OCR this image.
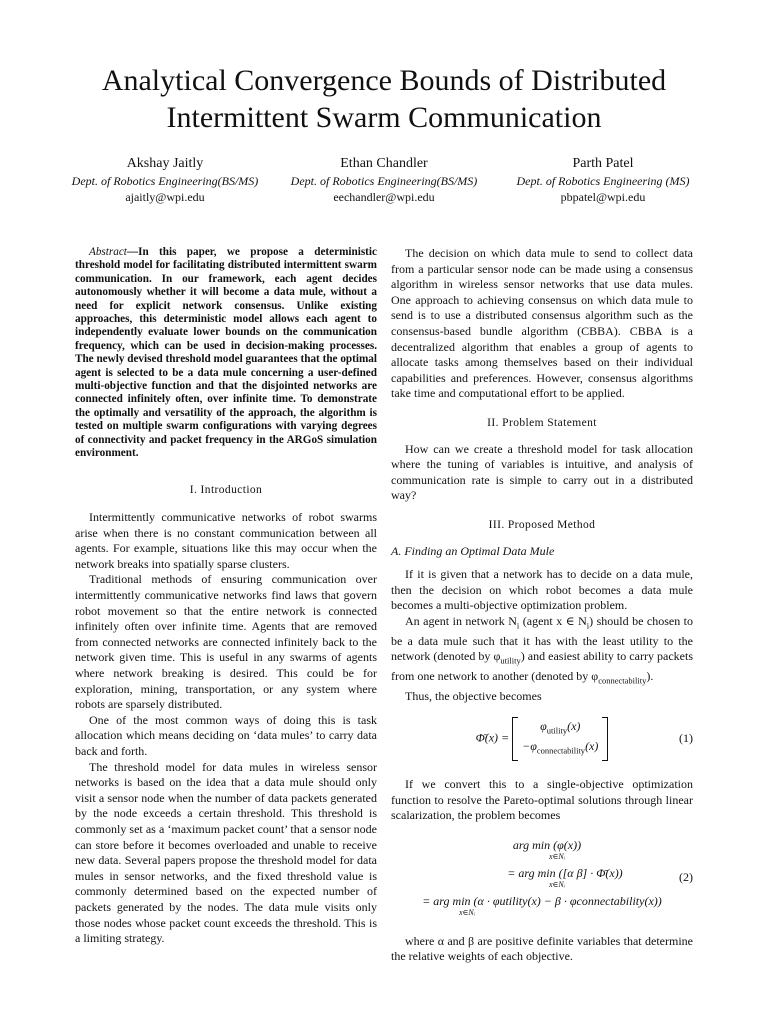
Analytical Convergence Bounds of Distributed
Intermittent Swarm Communication
Akshay Jaitly
Dept. of Robotics Engineering(BS/MS)
ajaitly@wpi.edu
Ethan Chandler
Dept. of Robotics Engineering(BS/MS)
eechandler@wpi.edu
Parth Patel
Dept. of Robotics Engineering (MS)
pbpatel@wpi.edu

Abstract—In this paper, we propose a deterministic threshold model for facilitating distributed intermittent swarm communication. In our framework, each agent decides autonomously whether it will become a data mule, without a need for explicit network consensus. Unlike existing approaches, this deterministic model allows each agent to independently evaluate lower bounds on the communication frequency, which can be used in decision-making processes. The newly devised threshold model guarantees that the optimal agent is selected to be a data mule concerning a user-defined multi-objective function and that the disjointed networks are connected infinitely often, over infinite time. To demonstrate the optimally and versatility of the approach, the algorithm is tested on multiple swarm configurations with varying degrees of connectivity and packet frequency in the ARGoS simulation environment.

I. Introduction

Intermittently communicative networks of robot swarms arise when there is no constant communication between all agents. For example, situations like this may occur when the network breaks into spatially sparse clusters.

Traditional methods of ensuring communication over intermittently communicative networks find laws that govern robot movement so that the entire network is connected infinitely often over infinite time. Agents that are removed from connected networks are connected infinitely back to the network given time. This is useful in any swarms of agents where network breaking is desired. This could be for exploration, mining, transportation, or any system where robots are sparsely distributed.

One of the most common ways of doing this is task allocation which means deciding on ‘data mules’ to carry data back and forth.

The threshold model for data mules in wireless sensor networks is based on the idea that a data mule should only visit a sensor node when the number of data packets generated by the node exceeds a certain threshold. This threshold is commonly set as a ‘maximum packet count’ that a sensor node can store before it becomes overloaded and unable to receive new data. Several papers propose the threshold model for data mules in sensor networks, and the fixed threshold value is commonly determined based on the expected number of packets generated by the nodes. The data mule visits only those nodes whose packet count exceeds the threshold. This is a limiting strategy.

The decision on which data mule to send to collect data from a particular sensor node can be made using a consensus algorithm in wireless sensor networks that use data mules. One approach to achieving consensus on which data mule to send is to use a distributed consensus algorithm such as the consensus-based bundle algorithm (CBBA). CBBA is a decentralized algorithm that enables a group of agents to allocate tasks among themselves based on their individual capabilities and preferences. However, consensus algorithms take time and computational effort to be applied.

II. Problem Statement

How can we create a threshold model for task allocation where the tuning of variables is intuitive, and analysis of communication rate is simple to carry out in a distributed way?

III. Proposed Method

A. Finding an Optimal Data Mule

If it is given that a network has to decide on a data mule, then the decision on which robot becomes a data mule becomes a multi-objective optimization problem.

An agent in network $N_i$ (agent x ∈ $N_i$) should be chosen to be a data mule such that it has with the least utility to the network (denoted by $\varphi_{utility}$) and easiest ability to carry packets from one network to another (denoted by $\varphi_{connectability}$).

Thus, the objective becomes

Φ̄(x) =
$\varphi_{utility}(x)$
$-\varphi_{connectability}(x)$
(1)

If we convert this to a single-objective optimization function to resolve the Pareto-optimal solutions through linear scalarization, the problem becomes

arg min (φ(x))
x∈Nᵢ
= arg min ([α β] · Φ̄(x))
x∈Nᵢ
= arg min (α · φutility(x) − β · φconnectability(x))
x∈Nᵢ
(2)

where α and β are positive definite variables that determine the relative weights of each objective.
